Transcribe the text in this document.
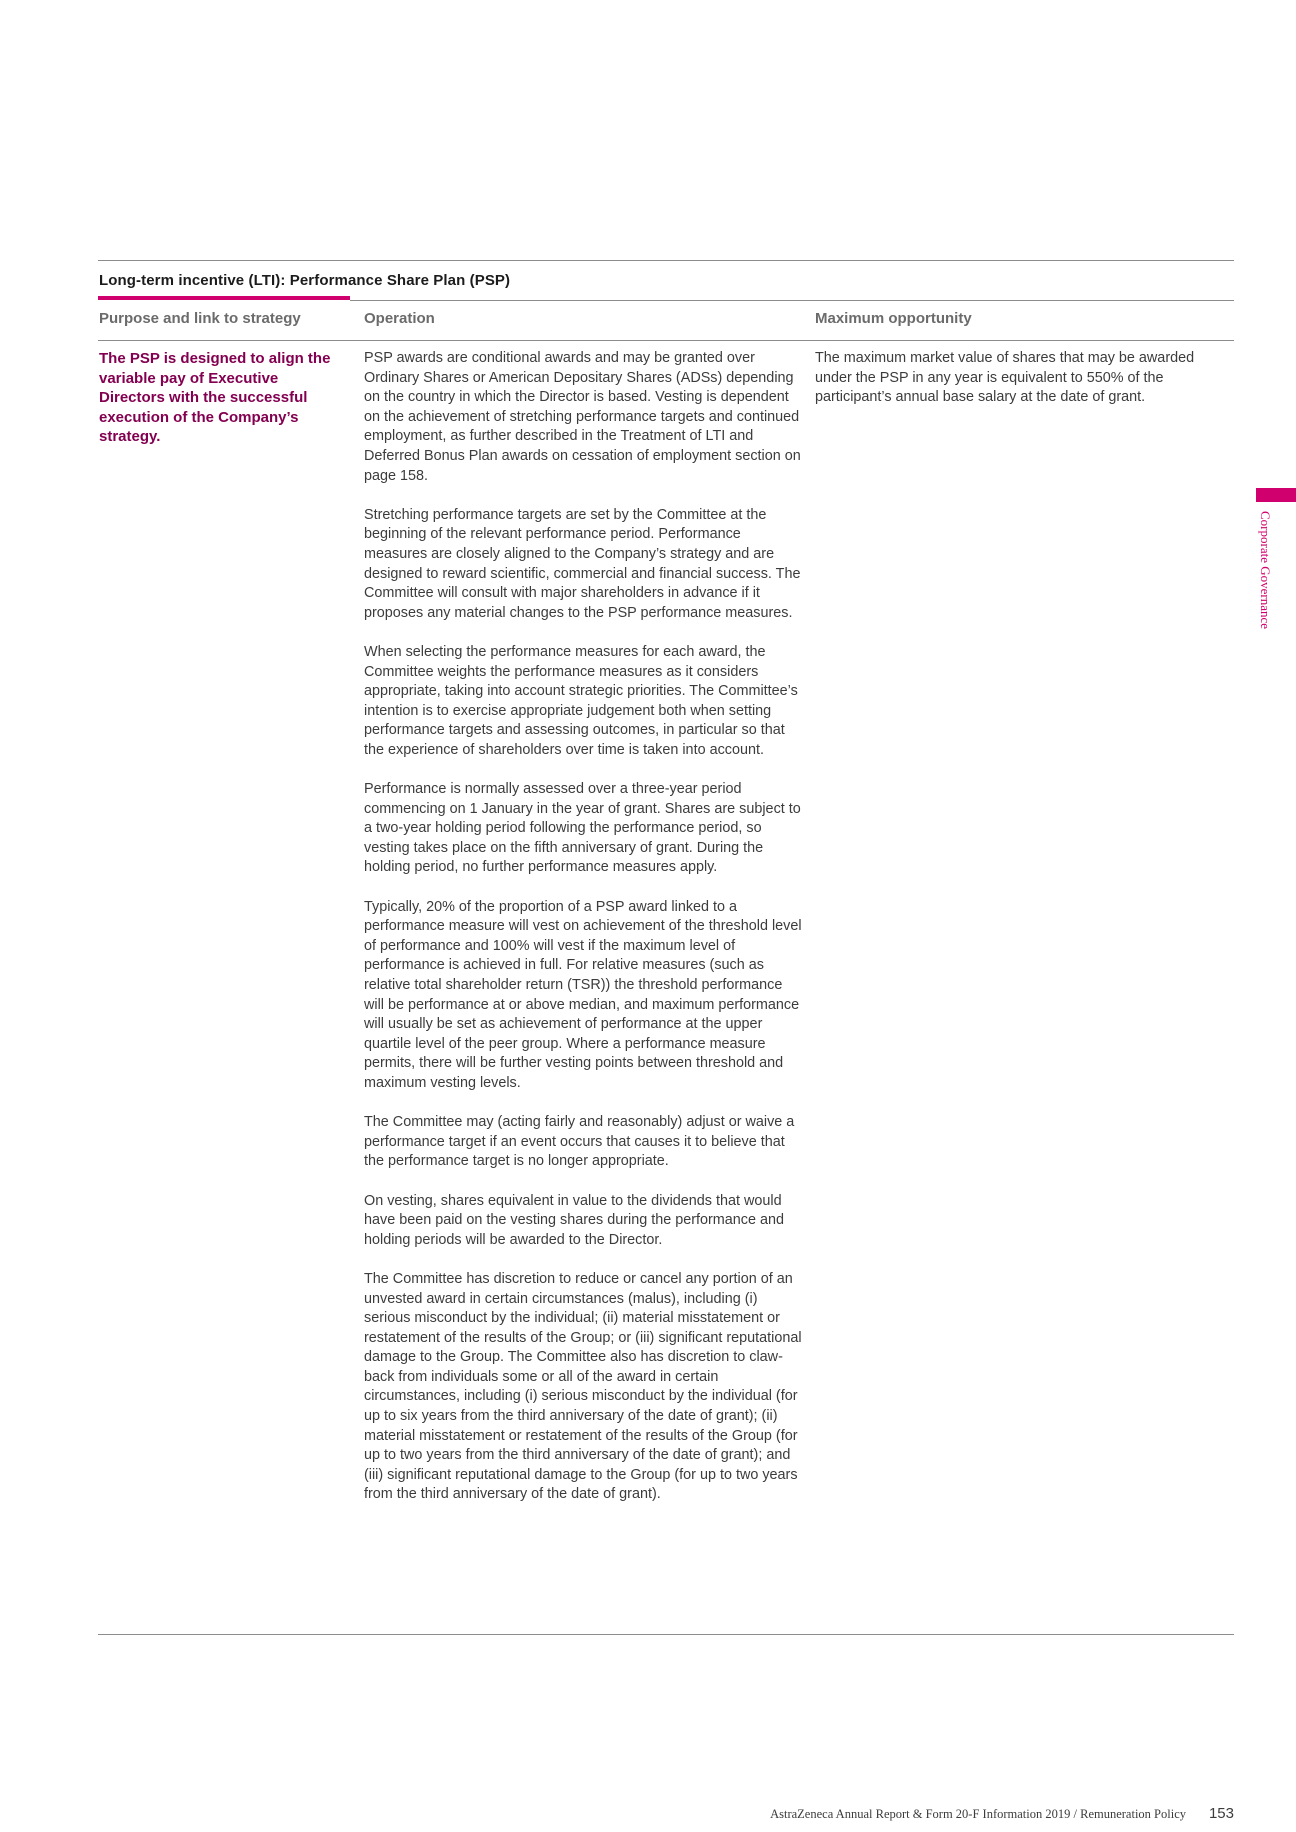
Long-term incentive (LTI): Performance Share Plan (PSP)
Purpose and link to strategy	Operation	Maximum opportunity

The PSP is designed to align the variable pay of Executive Directors with the successful execution of the Company’s strategy.

PSP awards are conditional awards and may be granted over Ordinary Shares or American Depositary Shares (ADSs) depending on the country in which the Director is based. Vesting is dependent on the achievement of stretching performance targets and continued employment, as further described in the Treatment of LTI and Deferred Bonus Plan awards on cessation of employment section on page 158.

Stretching performance targets are set by the Committee at the beginning of the relevant performance period. Performance measures are closely aligned to the Company’s strategy and are designed to reward scientific, commercial and financial success. The Committee will consult with major shareholders in advance if it proposes any material changes to the PSP performance measures.

When selecting the performance measures for each award, the Committee weights the performance measures as it considers appropriate, taking into account strategic priorities. The Committee’s intention is to exercise appropriate judgement both when setting performance targets and assessing outcomes, in particular so that the experience of shareholders over time is taken into account.

Performance is normally assessed over a three-year period commencing on 1 January in the year of grant. Shares are subject to a two-year holding period following the performance period, so vesting takes place on the fifth anniversary of grant. During the holding period, no further performance measures apply.

Typically, 20% of the proportion of a PSP award linked to a performance measure will vest on achievement of the threshold level of performance and 100% will vest if the maximum level of performance is achieved in full. For relative measures (such as relative total shareholder return (TSR)) the threshold performance will be performance at or above median, and maximum performance will usually be set as achievement of performance at the upper quartile level of the peer group. Where a performance measure permits, there will be further vesting points between threshold and maximum vesting levels.

The Committee may (acting fairly and reasonably) adjust or waive a performance target if an event occurs that causes it to believe that the performance target is no longer appropriate.

On vesting, shares equivalent in value to the dividends that would have been paid on the vesting shares during the performance and holding periods will be awarded to the Director.

The Committee has discretion to reduce or cancel any portion of an unvested award in certain circumstances (malus), including (i) serious misconduct by the individual; (ii) material misstatement or restatement of the results of the Group; or (iii) significant reputational damage to the Group. The Committee also has discretion to claw-back from individuals some or all of the award in certain circumstances, including (i) serious misconduct by the individual (for up to six years from the third anniversary of the date of grant); (ii) material misstatement or restatement of the results of the Group (for up to two years from the third anniversary of the date of grant); and (iii) significant reputational damage to the Group (for up to two years from the third anniversary of the date of grant).

The maximum market value of shares that may be awarded under the PSP in any year is equivalent to 550% of the participant’s annual base salary at the date of grant.

Corporate Governance
AstraZeneca Annual Report & Form 20-F Information 2019 / Remuneration Policy 153
